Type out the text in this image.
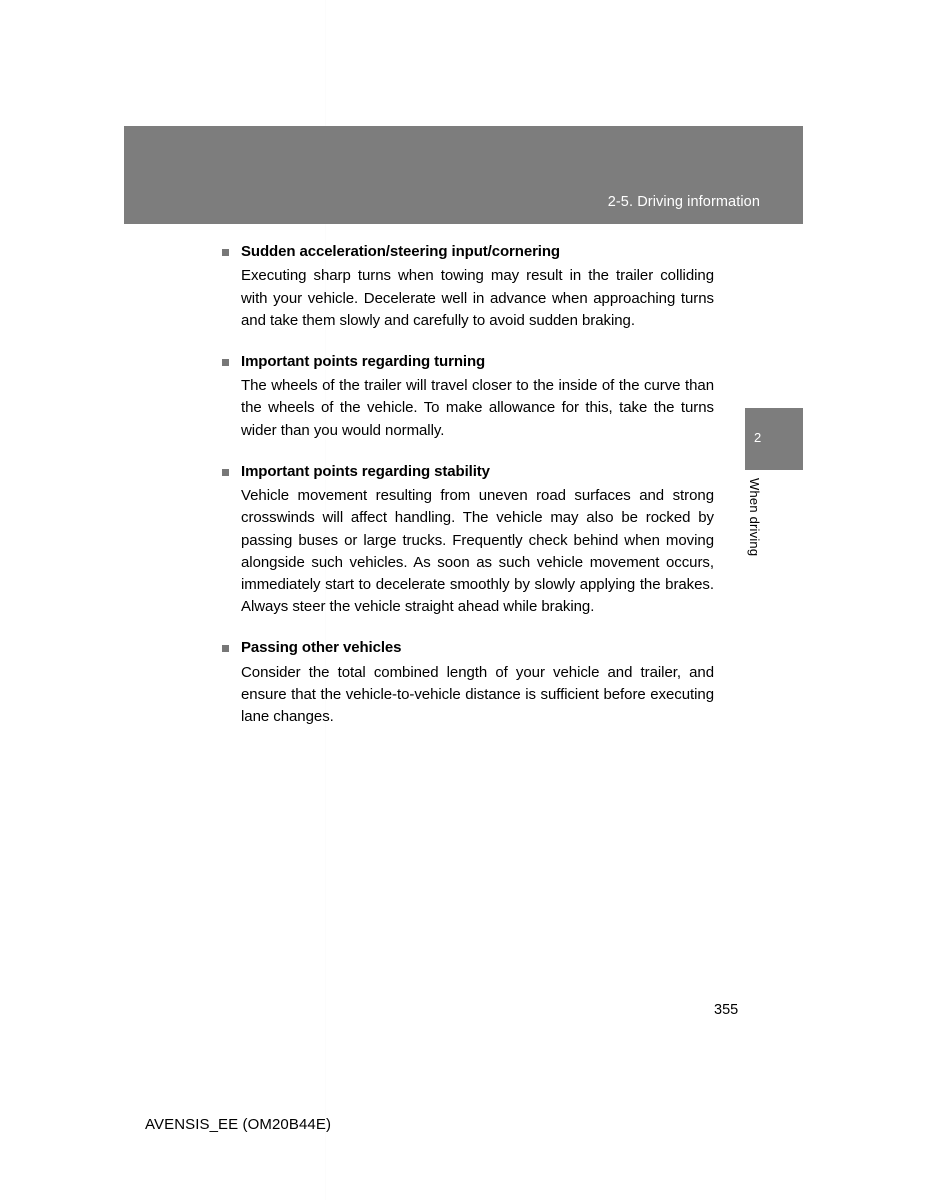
2-5. Driving information
2
When driving
Sudden acceleration/steering input/cornering

Executing sharp turns when towing may result in the trailer colliding with your vehicle. Decelerate well in advance when approaching turns and take them slowly and carefully to avoid sudden braking.

Important points regarding turning

The wheels of the trailer will travel closer to the inside of the curve than the wheels of the vehicle. To make allowance for this, take the turns wider than you would normally.

Important points regarding stability

Vehicle movement resulting from uneven road surfaces and strong crosswinds will affect handling. The vehicle may also be rocked by passing buses or large trucks. Frequently check behind when moving alongside such vehicles. As soon as such vehicle movement occurs, immediately start to decelerate smoothly by slowly applying the brakes. Always steer the vehicle straight ahead while braking.

Passing other vehicles

Consider the total combined length of your vehicle and trailer, and ensure that the vehicle-to-vehicle distance is sufficient before executing lane changes.

355
AVENSIS_EE (OM20B44E)
